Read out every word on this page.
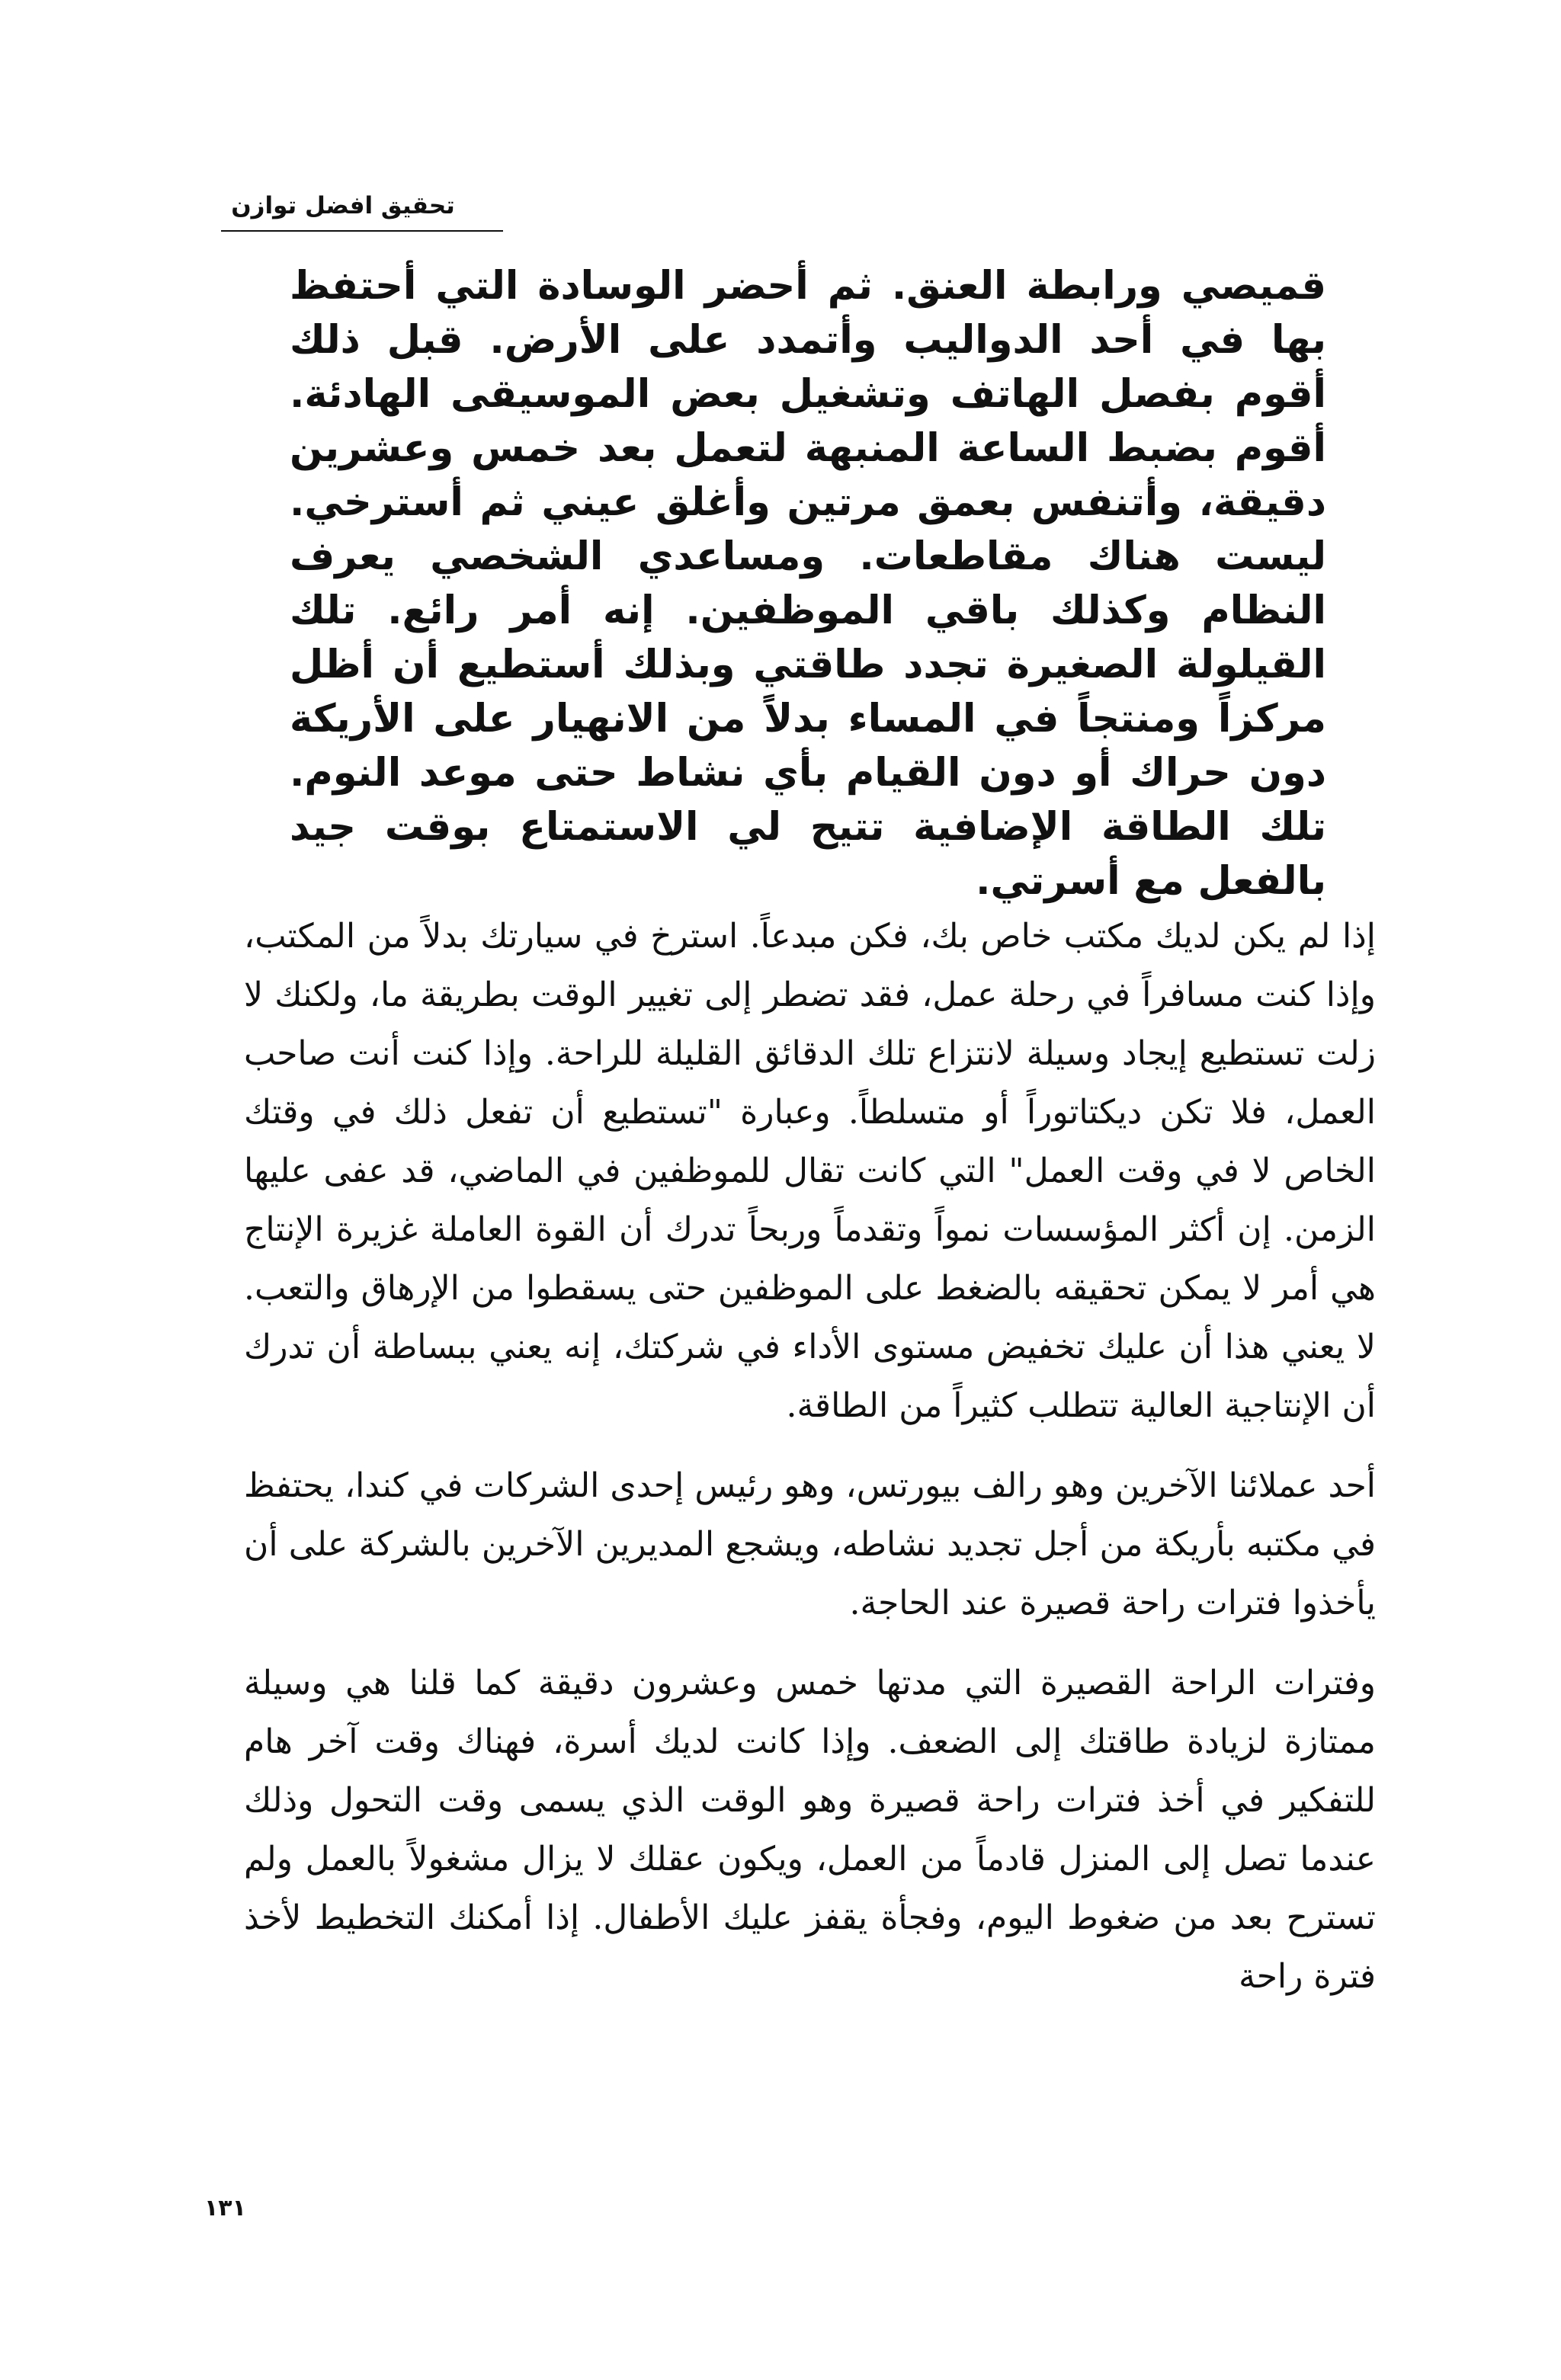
تحقيق افضل توازن

قميصي ورابطة العنق. ثم أحضر الوسادة التي أحتفظ بها في أحد الدواليب وأتمدد على الأرض. قبل ذلك أقوم بفصل الهاتف وتشغيل بعض الموسيقى الهادئة. أقوم بضبط الساعة المنبهة لتعمل بعد خمس وعشرين دقيقة، وأتنفس بعمق مرتين وأغلق عيني ثم أسترخي. ليست هناك مقاطعات. ومساعدي الشخصي يعرف النظام وكذلك باقي الموظفين. إنه أمر رائع. تلك القيلولة الصغيرة تجدد طاقتي وبذلك أستطيع أن أظل مركزاً ومنتجاً في المساء بدلاً من الانهيار على الأريكة دون حراك أو دون القيام بأي نشاط حتى موعد النوم. تلك الطاقة الإضافية تتيح لي الاستمتاع بوقت جيد بالفعل مع أسرتي.

إذا لم يكن لديك مكتب خاص بك، فكن مبدعاً. استرخ في سيارتك بدلاً من المكتب، وإذا كنت مسافراً في رحلة عمل، فقد تضطر إلى تغيير الوقت بطريقة ما، ولكنك لا زلت تستطيع إيجاد وسيلة لانتزاع تلك الدقائق القليلة للراحة. وإذا كنت أنت صاحب العمل، فلا تكن ديكتاتوراً أو متسلطاً. وعبارة "تستطيع أن تفعل ذلك في وقتك الخاص لا في وقت العمل" التي كانت تقال للموظفين في الماضي، قد عفى عليها الزمن. إن أكثر المؤسسات نمواً وتقدماً وربحاً تدرك أن القوة العاملة غزيرة الإنتاج هي أمر لا يمكن تحقيقه بالضغط على الموظفين حتى يسقطوا من الإرهاق والتعب. لا يعني هذا أن عليك تخفيض مستوى الأداء في شركتك، إنه يعني ببساطة أن تدرك أن الإنتاجية العالية تتطلب كثيراً من الطاقة.

أحد عملائنا الآخرين وهو رالف بيورتس، وهو رئيس إحدى الشركات في كندا، يحتفظ في مكتبه بأريكة من أجل تجديد نشاطه، ويشجع المديرين الآخرين بالشركة على أن يأخذوا فترات راحة قصيرة عند الحاجة.

وفترات الراحة القصيرة التي مدتها خمس وعشرون دقيقة كما قلنا هي وسيلة ممتازة لزيادة طاقتك إلى الضعف. وإذا كانت لديك أسرة، فهناك وقت آخر هام للتفكير في أخذ فترات راحة قصيرة وهو الوقت الذي يسمى وقت التحول وذلك عندما تصل إلى المنزل قادماً من العمل، ويكون عقلك لا يزال مشغولاً بالعمل ولم تسترح بعد من ضغوط اليوم، وفجأة يقفز عليك الأطفال. إذا أمكنك التخطيط لأخذ فترة راحة

١٣١
